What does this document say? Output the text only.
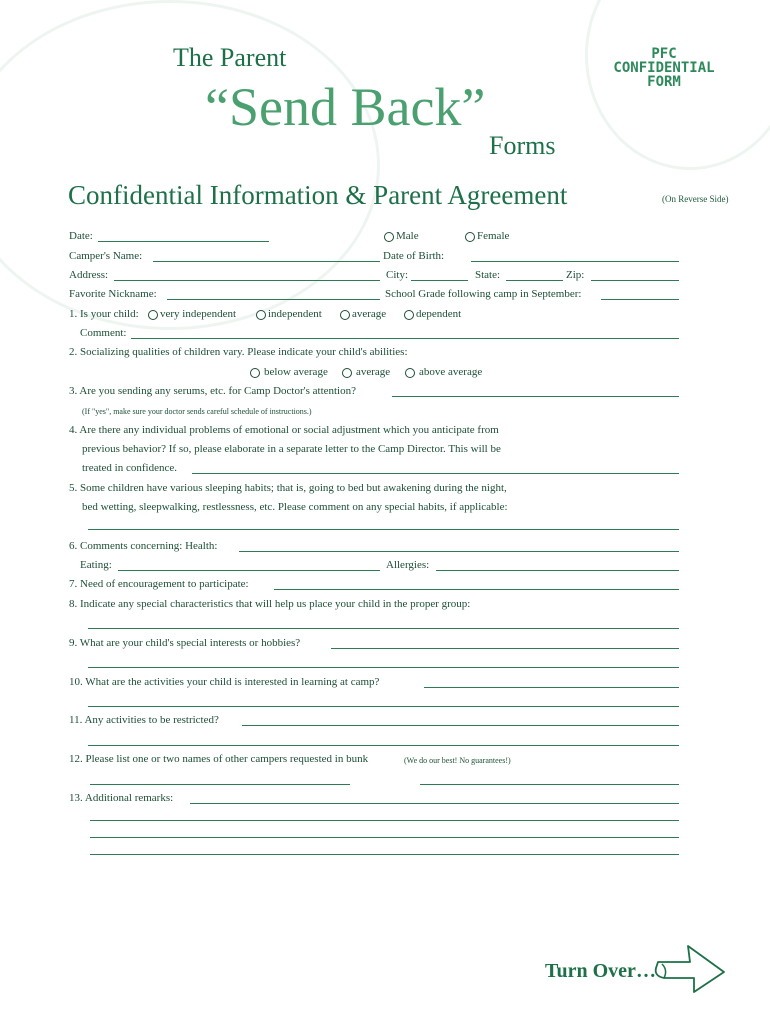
The Parent
“Send Back”
Forms
PFC
CONFIDENTIAL
FORM
Confidential Information & Parent Agreement	(On Reverse Side)
Date:	Male	Female
Camper's Name:	Date of Birth:
Address:	City:	State:	Zip:
Favorite Nickname:	School Grade following camp in September:
1. Is your child: very independent	independent	average	dependent
Comment:
2. Socializing qualities of children vary. Please indicate your child's abilities:
below average	average	above average
3. Are you sending any serums, etc. for Camp Doctor's attention?
(If "yes", make sure your doctor sends careful schedule of instructions.)
4. Are there any individual problems of emotional or social adjustment which you anticipate from
previous behavior? If so, please elaborate in a separate letter to the Camp Director. This will be
treated in confidence.
5. Some children have various sleeping habits; that is, going to bed but awakening during the night,
bed wetting, sleepwalking, restlessness, etc. Please comment on any special habits, if applicable:
6. Comments concerning: Health:
Eating:	Allergies:
7. Need of encouragement to participate:
8. Indicate any special characteristics that will help us place your child in the proper group:
9. What are your child's special interests or hobbies?
10. What are the activities your child is interested in learning at camp?
11. Any activities to be restricted?
12. Please list one or two names of other campers requested in bunk	(We do our best! No guarantees!)
13. Additional remarks:
Turn Over…
